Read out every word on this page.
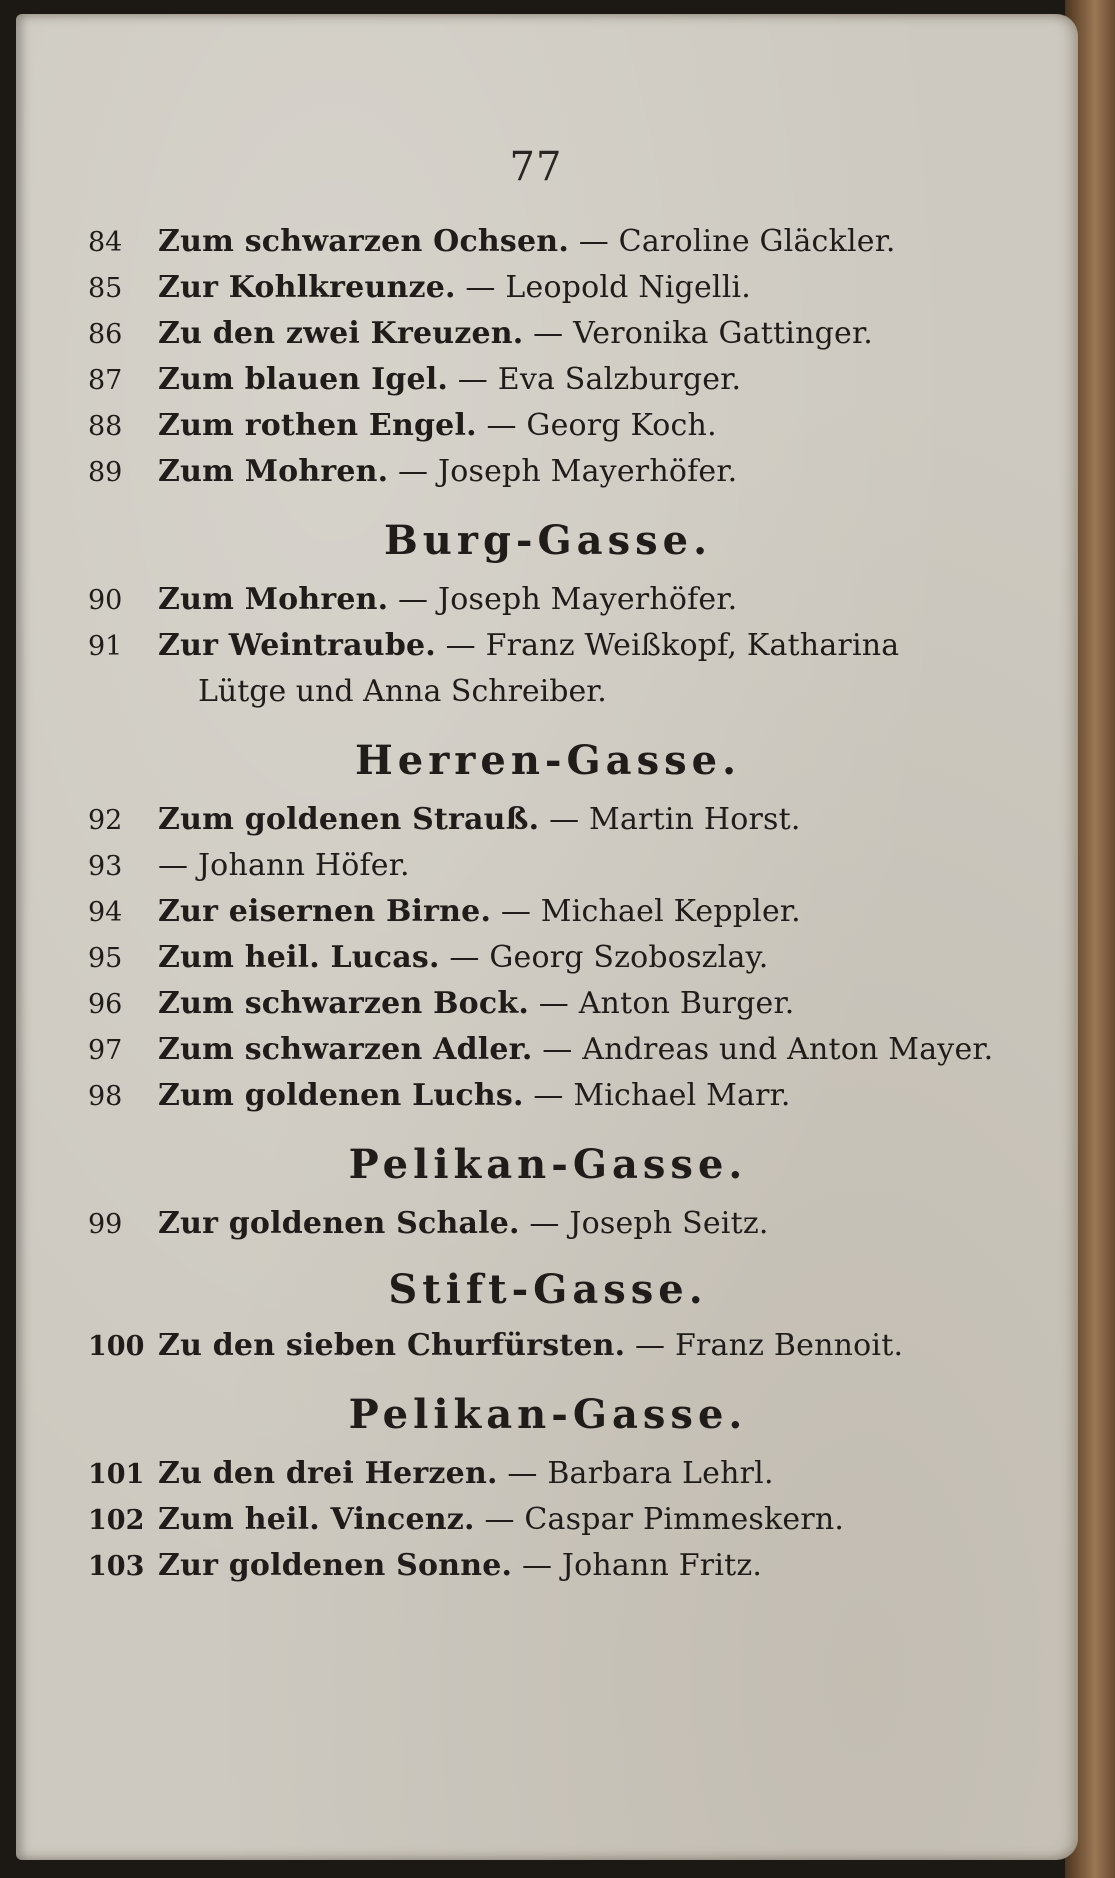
77
84	Zum schwarzen Ochsen. — Caroline Gläckler.
85	Zur Kohlkreunze. — Leopold Nigelli.
86	Zu den zwei Kreuzen. — Veronika Gattinger.
87	Zum blauen Igel. — Eva Salzburger.
88	Zum rothen Engel. — Georg Koch.
89	Zum Mohren. — Joseph Mayerhöfer.
Burg-Gasse.
90	Zum Mohren. — Joseph Mayerhöfer.
91	Zur Weintraube. — Franz Weißkopf, Katharina
Lütge und Anna Schreiber.
Herren-Gasse.
92	Zum goldenen Strauß. — Martin Horst.
93	— Johann Höfer.
94	Zur eisernen Birne. — Michael Keppler.
95	Zum heil. Lucas. — Georg Szoboszlay.
96	Zum schwarzen Bock. — Anton Burger.
97	Zum schwarzen Adler. — Andreas und Anton Mayer.
98	Zum goldenen Luchs. — Michael Marr.
Pelikan-Gasse.
99	Zur goldenen Schale. — Joseph Seitz.
Stift-Gasse.
100 Zu den sieben Churfürsten. — Franz Bennoit.
Pelikan-Gasse.
101 Zu den drei Herzen. — Barbara Lehrl.
102 Zum heil. Vincenz. — Caspar Pimmeskern.
103 Zur goldenen Sonne. — Johann Fritz.
